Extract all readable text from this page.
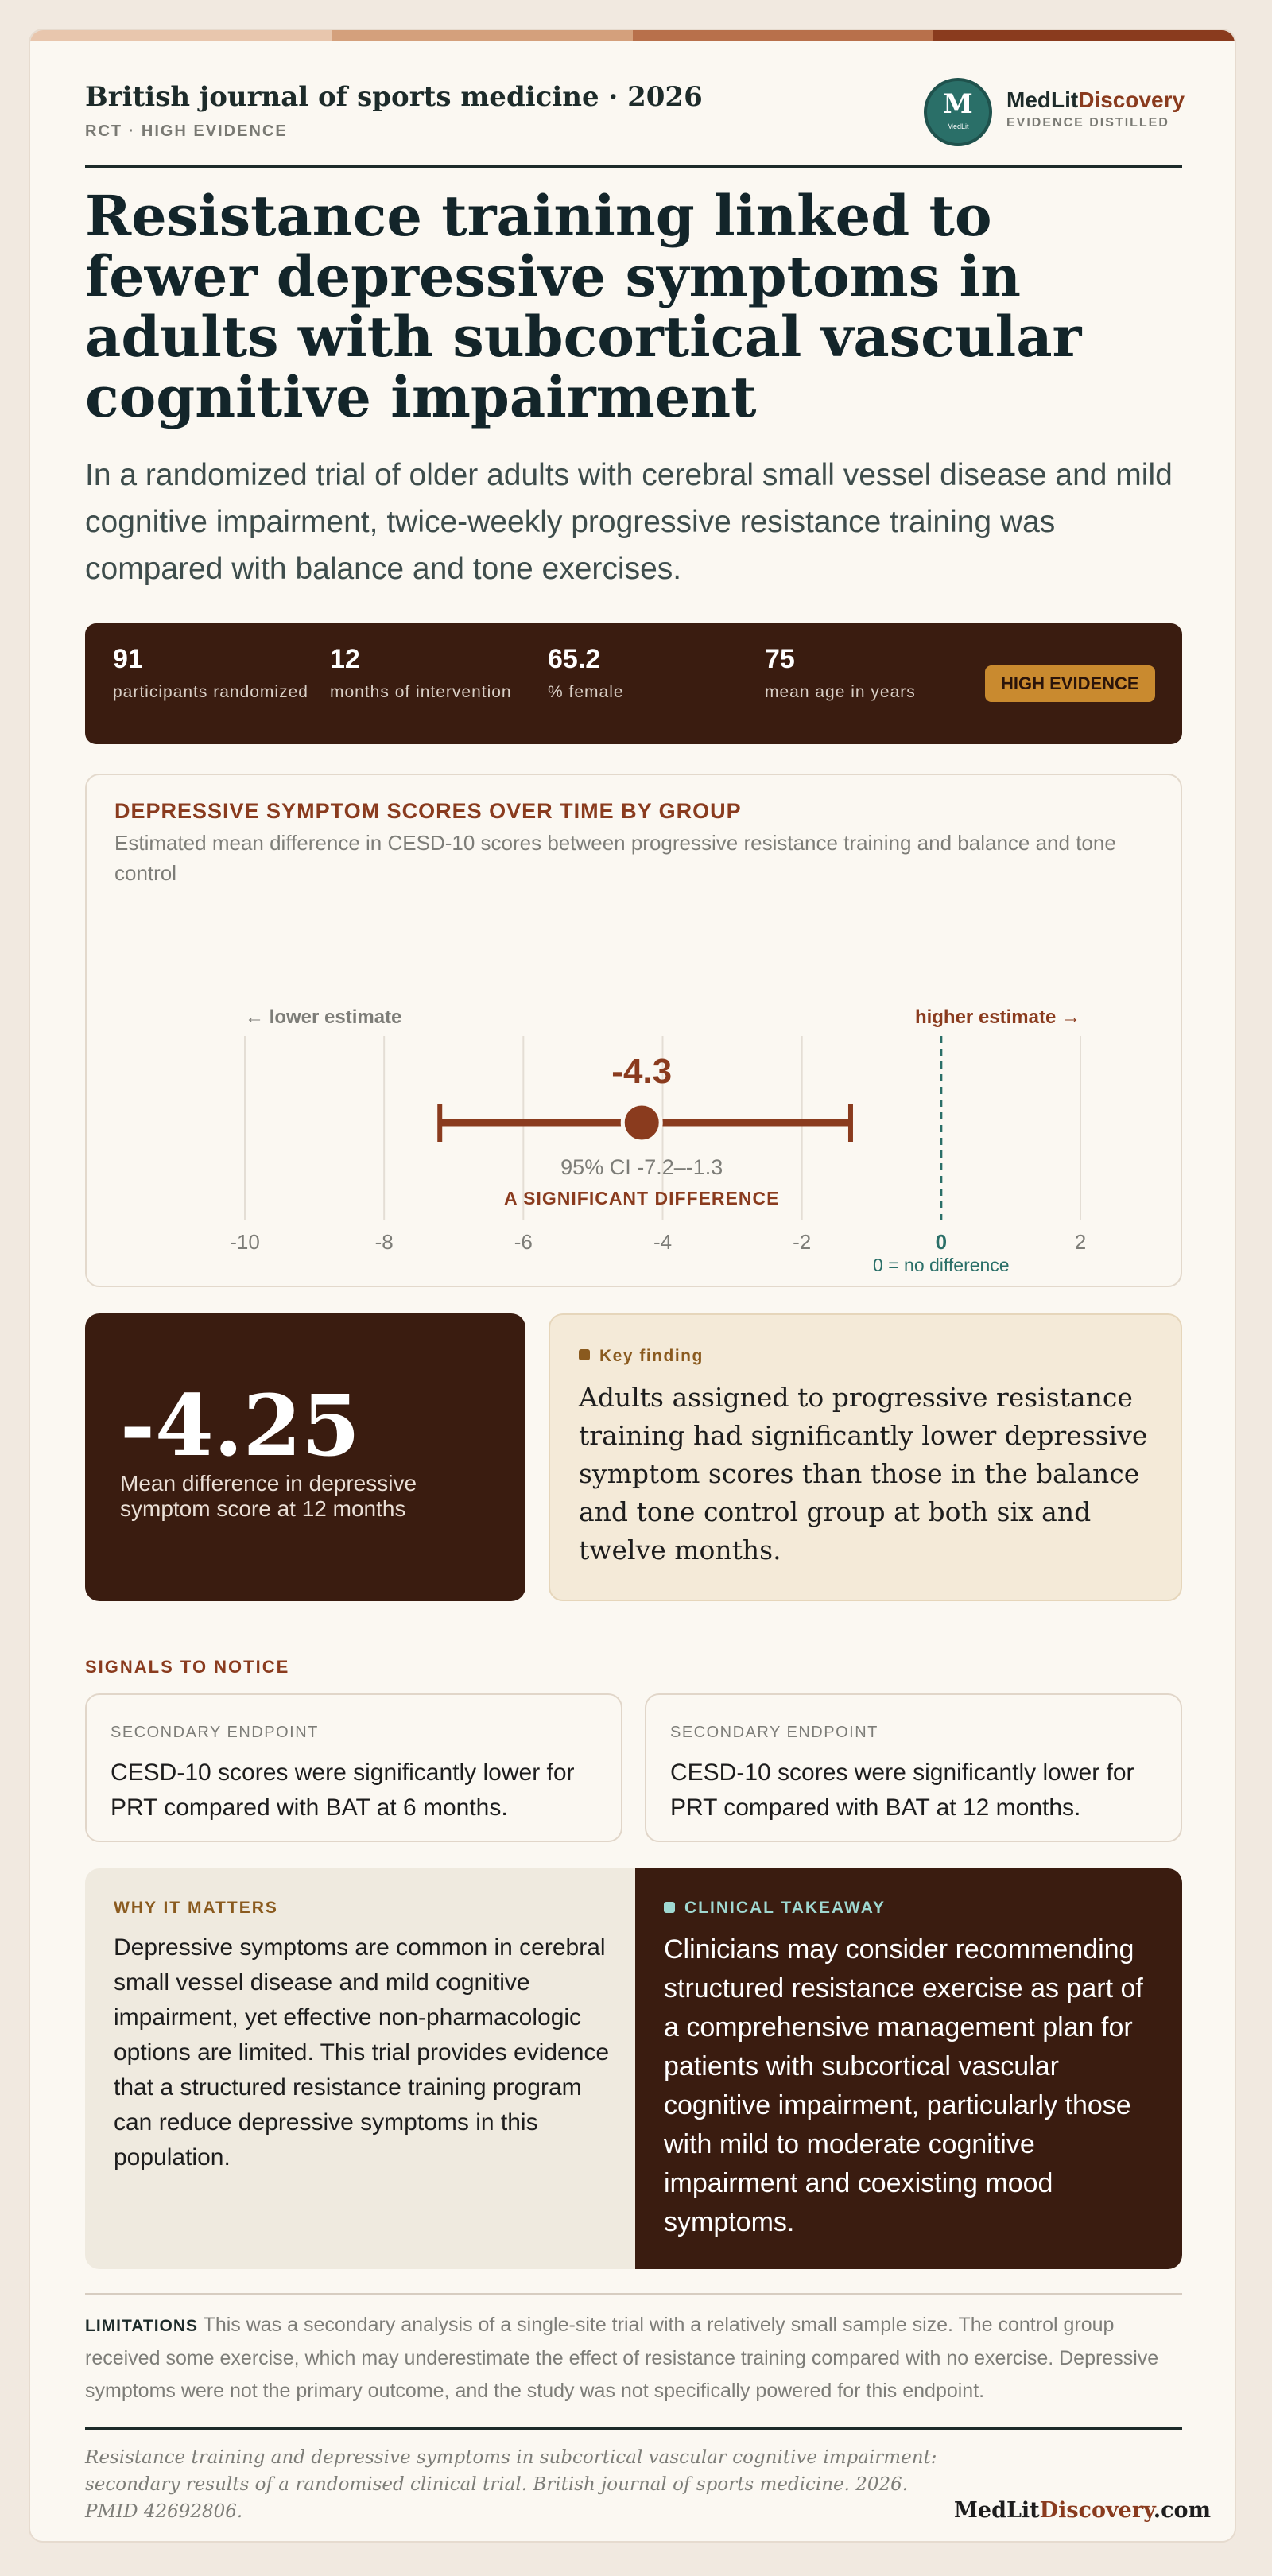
British journal of sports medicine · 2026
RCT · HIGH EVIDENCE
M
MedLit
MedLitDiscovery
EVIDENCE DISTILLED
Resistance training linked to fewer depressive symptoms in adults with subcortical vascular cognitive impairment

In a randomized trial of older adults with cerebral small vessel disease and mild cognitive impairment, twice-weekly progressive resistance training was compared with balance and tone exercises.

91
participants randomized
12
months of intervention
65.2
% female
75
mean age in years	HIGH EVIDENCE
DEPRESSIVE SYMPTOM SCORES OVER TIME BY GROUP
Estimated mean difference in CESD-10 scores between progressive resistance training and balance and tone control
-10	-8	-6	-4	-2	0	2
0 = no difference
← lower estimate	higher estimate →
-4.3
95% CI -7.2–-1.3
A SIGNIFICANT DIFFERENCE
-4.25
Mean difference in depressive symptom score at 12 months
Key finding
Adults assigned to progressive resistance training had significantly lower depressive symptom scores than those in the balance and tone control group at both six and twelve months.
SIGNALS TO NOTICE
SECONDARY ENDPOINT
CESD-10 scores were significantly lower for PRT compared with BAT at 6 months.
SECONDARY ENDPOINT
CESD-10 scores were significantly lower for PRT compared with BAT at 12 months.
WHY IT MATTERS
Depressive symptoms are common in cerebral small vessel disease and mild cognitive impairment, yet effective non-pharmacologic options are limited. This trial provides evidence that a structured resistance training program can reduce depressive symptoms in this population.
CLINICAL TAKEAWAY
Clinicians may consider recommending structured resistance exercise as part of a comprehensive management plan for patients with subcortical vascular cognitive impairment, particularly those with mild to moderate cognitive impairment and coexisting mood symptoms.

LIMITATIONS This was a secondary analysis of a single-site trial with a relatively small sample size. The control group received some exercise, which may underestimate the effect of resistance training compared with no exercise. Depressive symptoms were not the primary outcome, and the study was not specifically powered for this endpoint.

Resistance training and depressive symptoms in subcortical vascular cognitive impairment: secondary results of a randomised clinical trial. British journal of sports medicine. 2026. PMID 42692806.	MedLitDiscovery.com
